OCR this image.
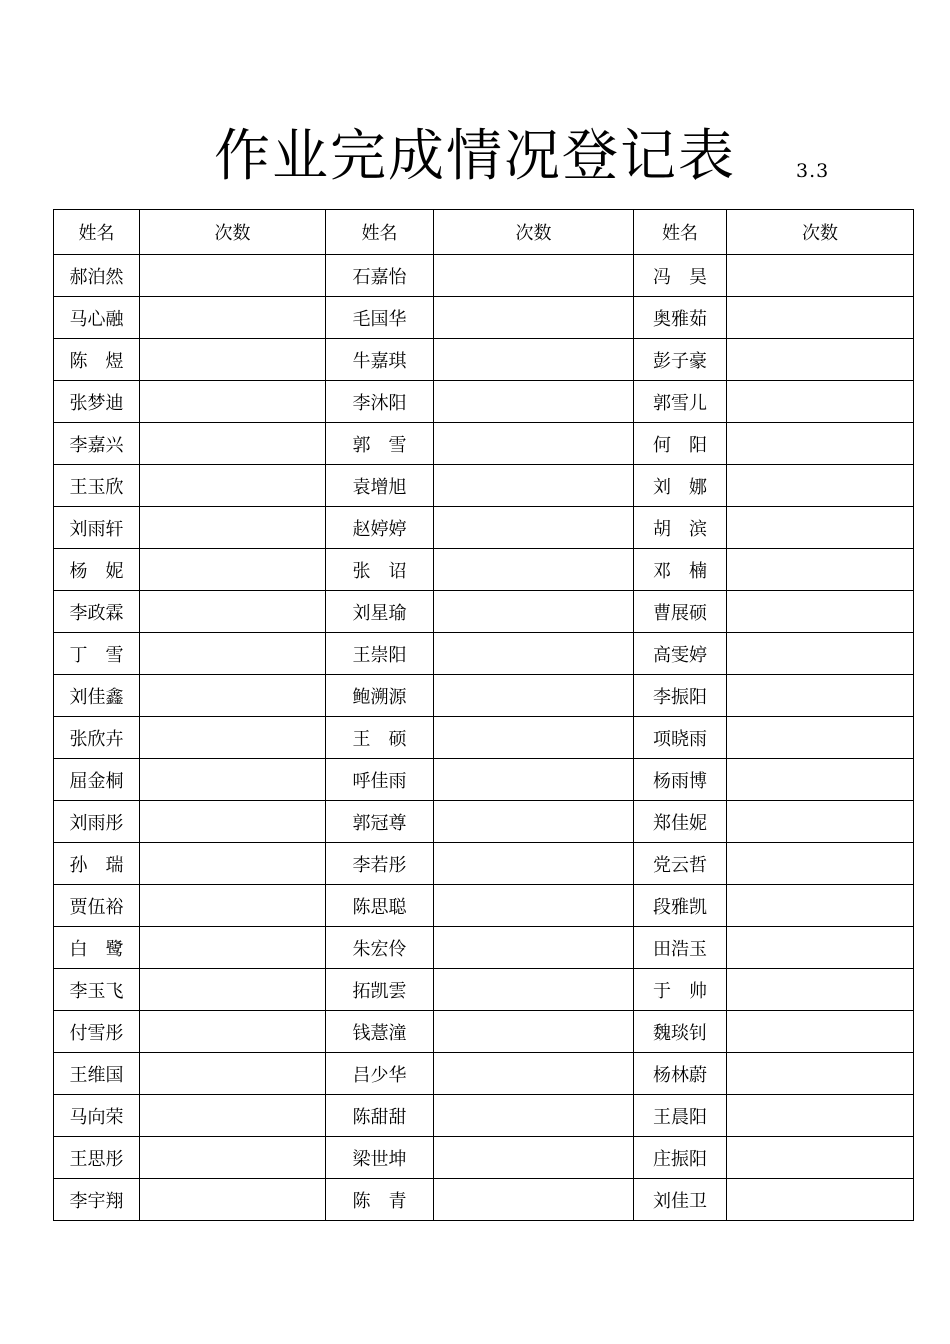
作业完成情况登记表	3.3
姓名	次数	姓名	次数	姓名	次数
郝泊然		石嘉怡		冯　昊	
马心融		毛国华		奥雅茹	
陈　煜		牛嘉琪		彭子豪	
张梦迪		李沐阳		郭雪儿	
李嘉兴		郭　雪		何　阳	
王玉欣		袁增旭		刘　娜	
刘雨轩		赵婷婷		胡　滨	
杨　妮		张　诏		邓　楠	
李政霖		刘星瑜		曹展硕	
丁　雪		王崇阳		高雯婷	
刘佳鑫		鲍溯源		李振阳	
张欣卉		王　硕		项晓雨	
屈金桐		呼佳雨		杨雨博	
刘雨彤		郭冠尊		郑佳妮	
孙　瑞		李若彤		党云哲	
贾伍裕		陈思聪		段雅凯	
白　鹭		朱宏伶		田浩玉	
李玉飞		拓凯雲		于　帅	
付雪彤		钱薏潼		魏琰钊	
王维国		吕少华		杨林蔚	
马向荣		陈甜甜		王晨阳	
王思彤		梁世坤		庄振阳	
李宇翔		陈　青		刘佳卫	
